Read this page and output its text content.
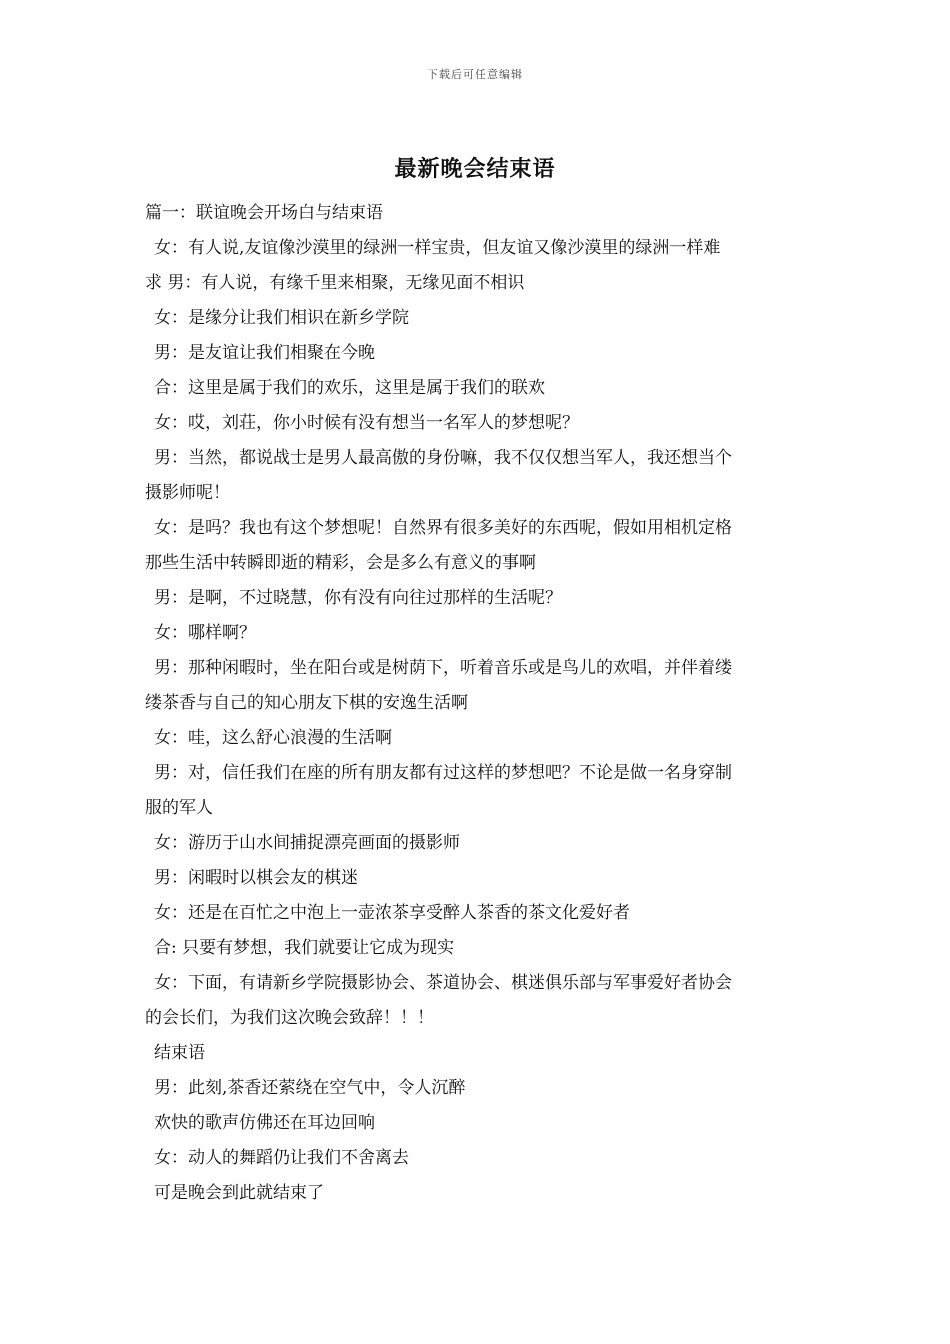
下载后可任意编辑
最新晚会结束语
篇一：联谊晚会开场白与结束语
女：有人说,友谊像沙漠里的绿洲一样宝贵，但友谊又像沙漠里的绿洲一样难
求 男：有人说，有缘千里来相聚，无缘见面不相识
女：是缘分让我们相识在新乡学院
男：是友谊让我们相聚在今晚
合：这里是属于我们的欢乐，这里是属于我们的联欢
女：哎，刘荘，你小时候有没有想当一名军人的梦想呢？
男：当然，都说战士是男人最高傲的身份嘛，我不仅仅想当军人，我还想当个
摄影师呢！
女：是吗？我也有这个梦想呢！自然界有很多美好的东西呢，假如用相机定格
那些生活中转瞬即逝的精彩，会是多么有意义的事啊
男：是啊，不过晓慧，你有没有向往过那样的生活呢？
女：哪样啊？
男：那种闲暇时，坐在阳台或是树荫下，听着音乐或是鸟儿的欢唱，并伴着缕
缕茶香与自己的知心朋友下棋的安逸生活啊
女：哇，这么舒心浪漫的生活啊
男：对，信任我们在座的所有朋友都有过这样的梦想吧？不论是做一名身穿制
服的军人
女：游历于山水间捕捉漂亮画面的摄影师
男：闲暇时以棋会友的棋迷
女：还是在百忙之中泡上一壶浓茶享受醉人茶香的茶文化爱好者
合: 只要有梦想，我们就要让它成为现实
女：下面，有请新乡学院摄影协会、茶道协会、棋迷俱乐部与军事爱好者协会
的会长们，为我们这次晚会致辞！！！
结束语
男：此刻,茶香还萦绕在空气中，令人沉醉
欢快的歌声仿佛还在耳边回响
女：动人的舞蹈仍让我们不舍离去
可是晚会到此就结束了
